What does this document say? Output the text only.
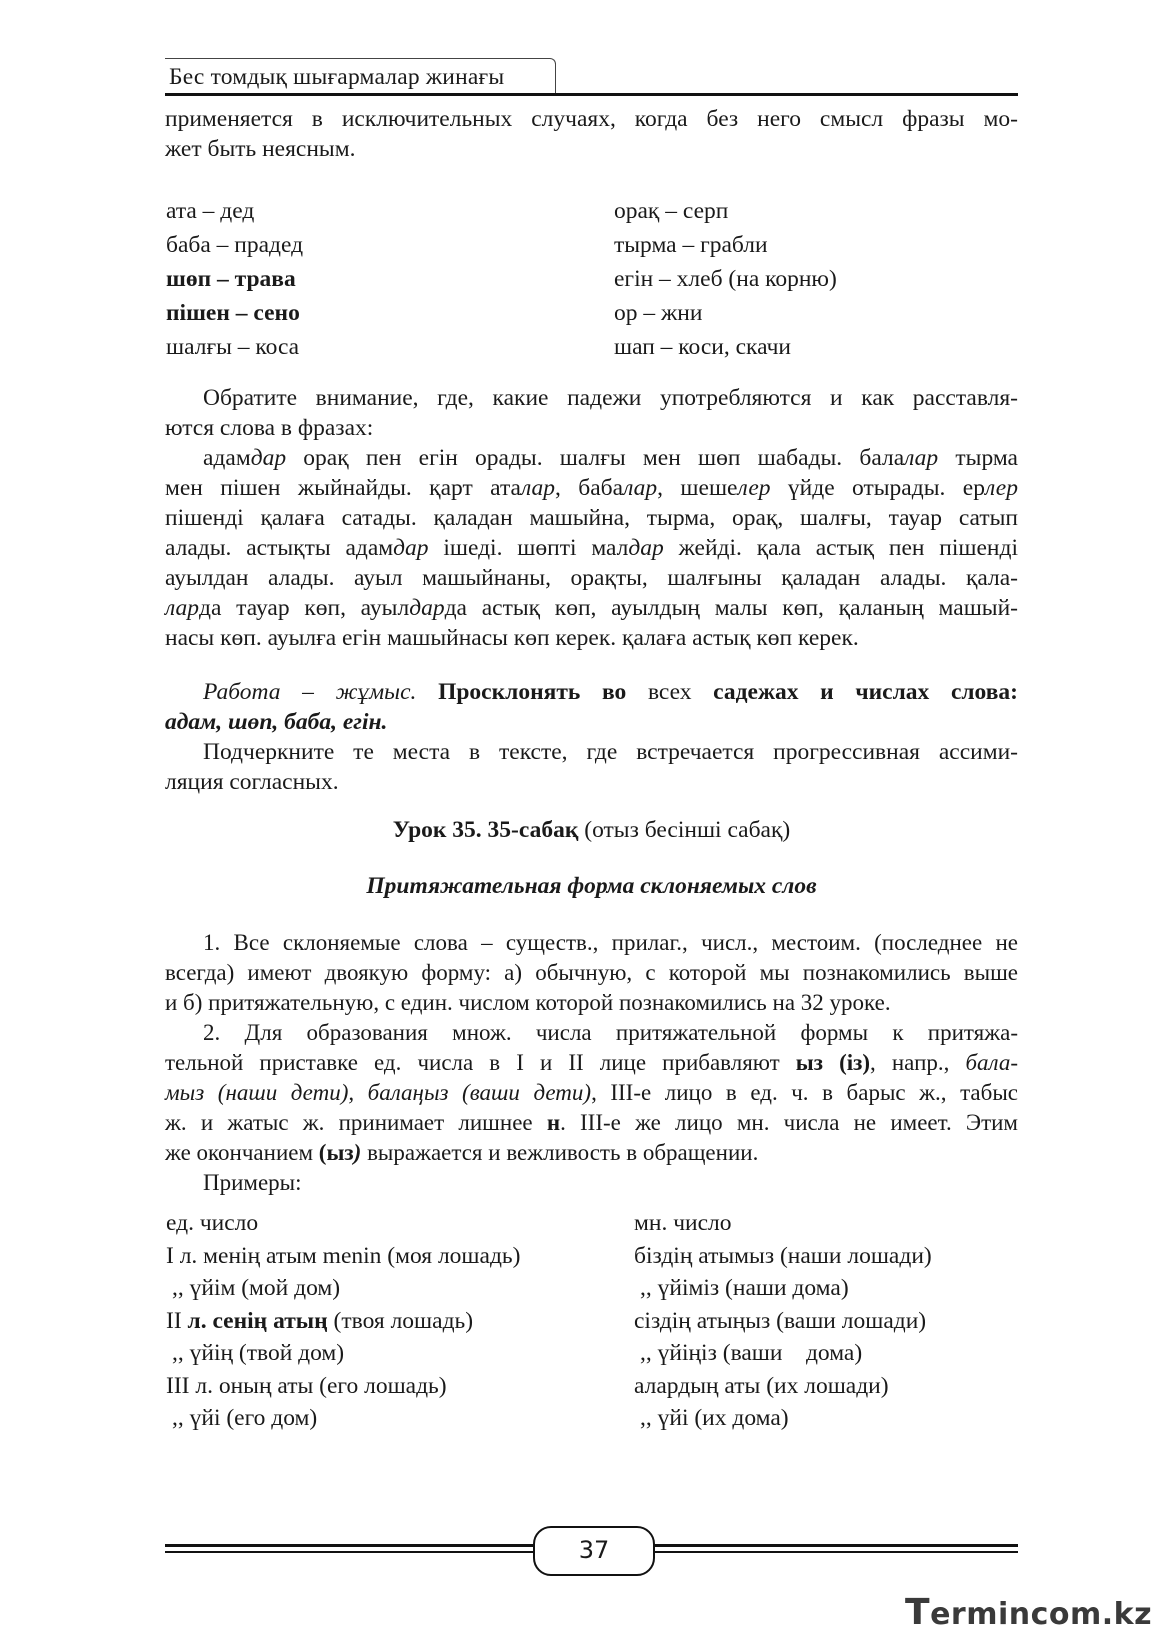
Бес томдық шығармалар жинағы
применяется в исключительных случаях, когда без него смысл фразы мо-
жет быть неясным.
ата – дед
баба – прадед
шөп – трава
пішен – сено
шалғы – коса
орақ – серп
тырма – грабли
егін – хлеб (на корню)
ор – жни
шап – коси, скачи
Обратите внимание, где, какие падежи употребляются и как расставля-
ются слова в фразах:
адамдар орақ пен егін орады. шалғы мен шөп шабады. балалар тырма
мен пішен жыйнайды. қарт аталар, бабалар, шешелер үйде отырады. ерлер
пішенді қалаға сатады. қаладан машыйна, тырма, орақ, шалғы, тауар сатып
алады. астықты адамдар ішеді. шөпті малдар жейді. қала астық пен пішенді
ауылдан алады. ауыл машыйнаны, орақты, шалғыны қаладан алады. қала-
ларда тауар көп, ауылдарда астық көп, ауылдың малы көп, қаланың машый-
насы көп. ауылға егін машыйнасы көп керек. қалаға астық көп керек.
Работа – жұмыс. Просклонять во всех садежах и числах слова:
адам, шөп, баба, егін.
Подчеркните те места в тексте, где встречается прогрессивная ассими-
ляция согласных.
Урок 35. 35-сабақ (отыз бесінші сабақ)
Притяжательная форма склоняемых слов
1. Все склоняемые слова – существ., прилаг., числ., местоим. (последнее не
всегда) имеют двоякую форму: а) обычную, с которой мы познакомились выше
и б) притяжательную, с един. числом которой познакомились на 32 уроке.
2. Для образования множ. числа притяжательной формы к притяжа-
тельной приставке ед. числа в I и II лице прибавляют ыз (із), напр., бала-
мыз (наши дети), балаңыз (ваши дети), III-е лицо в ед. ч. в барыс ж., табыс
ж. и жатыс ж. принимает лишнее н. III-е же лицо мн. числа не имеет. Этим
же окончанием (ыз) выражается и вежливость в обращении.
Примеры:
ед. число
I л. менің атым menin (моя лошадь)
,, үйім (мой дом)
II л. сенің атың (твоя лошадь)
,, үйің (твой дом)
III л. оның аты (его лошадь)
,, үйі (его дом)
мн. число
біздің атымыз (наши лошади)
,, үйіміз (наши дома)
сіздің атыңыз (ваши лошади)
,, үйіңіз (ваши    дома)
алардың аты (их лошади)
,, үйі (их дома)
37
Termincom.kz
